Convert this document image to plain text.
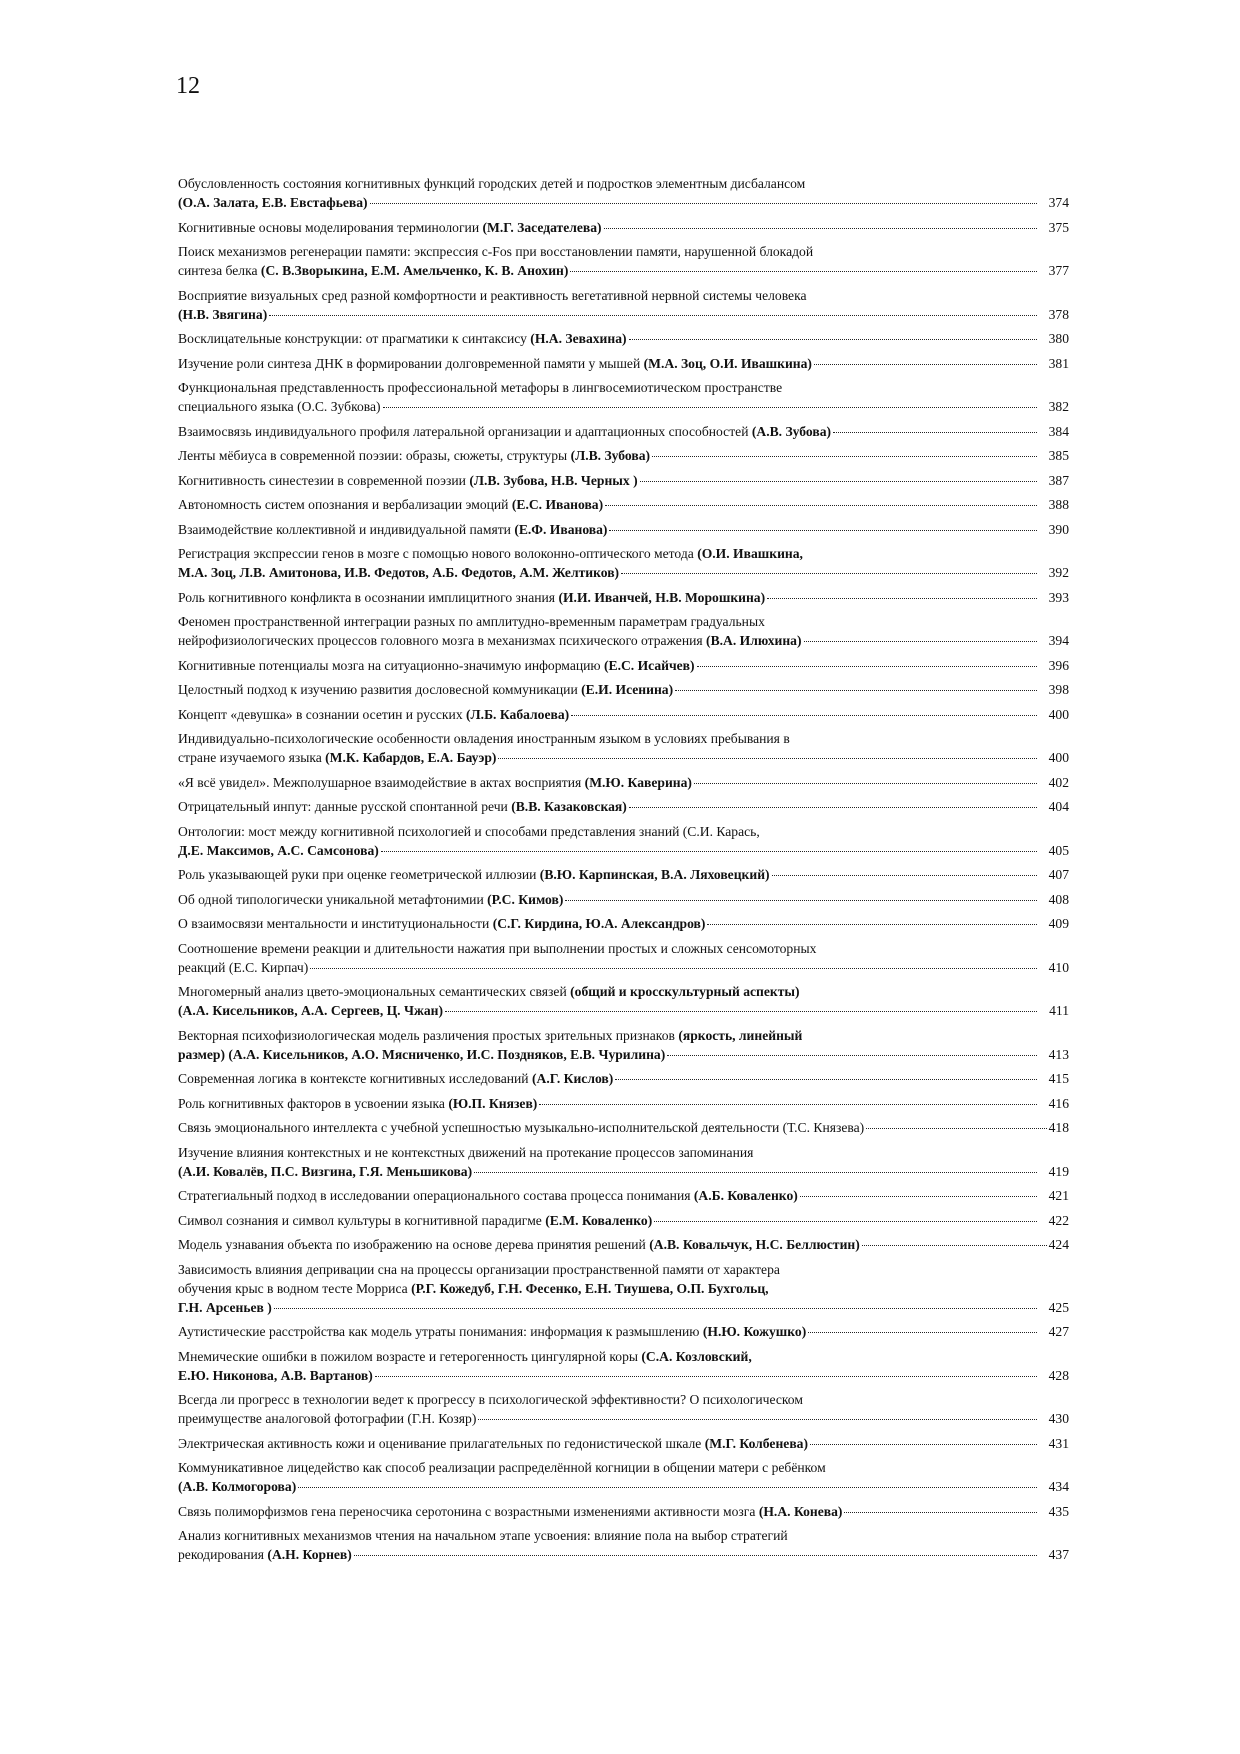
12
Обусловленность состояния когнитивных функций городских детей и подростков элементным дисбалансом
(О.А. Залата, Е.В. Евстафьева)	374
Когнитивные основы моделирования терминологии (М.Г. Заседателева)	375
Поиск механизмов регенерации памяти: экспрессия c-Fos при восстановлении памяти, нарушенной блокадой
синтеза белка (С. В.Зворыкина, Е.М. Амельченко, К. В. Анохин)	377
Восприятие визуальных сред разной комфортности и реактивность вегетативной нервной системы человека
(Н.В. Звягина)	378
Восклицательные конструкции: от прагматики к синтаксису (Н.А. Зевахина)	380
Изучение роли синтеза ДНК в формировании долговременной памяти у мышей (М.А. Зоц, О.И. Ивашкина)	381
Функциональная представленность профессиональной метафоры в лингвосемиотическом пространстве
специального языка (О.С. Зубкова)	382
Взаимосвязь индивидуального профиля латеральной организации и адаптационных способностей (А.В. Зубова)	384
Ленты мёбиуса в современной поэзии: образы, сюжеты, структуры (Л.В. Зубова)	385
Когнитивность синестезии в современной поэзии (Л.В. Зубова, Н.В. Черных )	387
Автономность систем опознания и вербализации эмоций (Е.С. Иванова)	388
Взаимодействие коллективной и индивидуальной памяти (Е.Ф. Иванова)	390
Регистрация экспрессии генов в мозге с помощью нового волоконно-оптического метода (О.И. Ивашкина,
М.А. Зоц, Л.В. Амитонова, И.В. Федотов, А.Б. Федотов, А.М. Желтиков)	392
Роль когнитивного конфликта в осознании имплицитного знания (И.И. Иванчей, Н.В. Морошкина)	393
Феномен пространственной интеграции разных по амплитудно-временным параметрам градуальных
нейрофизиологических процессов головного мозга в механизмах психического отражения (В.А. Илюхина)	394
Когнитивные потенциалы мозга на ситуационно-значимую информацию (Е.С. Исайчев)	396
Целостный подход к изучению развития дословесной коммуникации (Е.И. Исенина)	398
Концепт «девушка» в сознании осетин и русских (Л.Б. Кабалоева)	400
Индивидуально-психологические особенности овладения иностранным языком в условиях пребывания в
стране изучаемого языка (М.К. Кабардов, Е.А. Бауэр)	400
«Я всё увидел». Межполушарное взаимодействие в актах восприятия (М.Ю. Каверина)	402
Отрицательный инпут: данные русской спонтанной речи (В.В. Казаковская)	404
Онтологии: мост между когнитивной психологией и способами представления знаний (С.И. Карась,
Д.Е. Максимов, А.С. Самсонова)	405
Роль указывающей руки при оценке геометрической иллюзии (В.Ю. Карпинская, В.А. Ляховецкий)	407
Об одной типологически уникальной метафтонимии (Р.С. Кимов)	408
О взаимосвязи ментальности и институциональности (С.Г. Кирдина, Ю.А. Александров)	409
Соотношение времени реакции и длительности нажатия при выполнении простых и сложных сенсомоторных
реакций (Е.С. Кирпач)	410
Многомерный анализ цвето-эмоциональных семантических связей (общий и кросскультурный аспекты)
(А.А. Кисельников, А.А. Сергеев, Ц. Чжан)	411
Векторная психофизиологическая модель различения простых зрительных признаков (яркость, линейный
размер) (А.А. Кисельников, А.О. Мясниченко, И.С. Поздняков, Е.В. Чурилина)	413
Современная логика в контексте когнитивных исследований (А.Г. Кислов)	415
Роль когнитивных факторов в усвоении языка (Ю.П. Князев)	416
Связь эмоционального интеллекта с учебной успешностью музыкально-исполнительской деятельности (Т.С. Князева)	418
Изучение влияния контекстных и не контекстных движений на протекание процессов запоминания
(А.И. Ковалёв, П.С. Визгина, Г.Я. Меньшикова)	419
Стратегиальный подход в исследовании операционального состава процесса понимания (А.Б. Коваленко)	421
Символ сознания и символ культуры в когнитивной парадигме (Е.М. Коваленко)	422
Модель узнавания объекта по изображению на основе дерева принятия решений (А.В. Ковальчук, Н.С. Беллюстин)	424
Зависимость влияния депривации сна на процессы организации пространственной памяти от характера
обучения крыс в водном тесте Морриса (Р.Г. Кожедуб, Г.Н. Фесенко, Е.Н. Тиушева, О.П. Бухгольц,
Г.Н. Арсеньев )	425
Аутистические расстройства как модель утраты понимания: информация к размышлению (Н.Ю. Кожушко)	427
Мнемические ошибки в пожилом возрасте и гетерогенность цингулярной коры (С.А. Козловский,
Е.Ю. Никонова, А.В. Вартанов)	428
Всегда ли прогресс в технологии ведет к прогрессу в психологической эффективности? О психологическом
преимуществе аналоговой фотографии (Г.Н. Козяр)	430
Электрическая активность кожи и оценивание прилагательных по гедонистической шкале (М.Г. Колбенева)	431
Коммуникативное лицедейство как способ реализации распределённой когниции в общении матери с ребёнком
(А.В. Колмогорова)	434
Связь полиморфизмов гена переносчика серотонина с возрастными изменениями активности мозга (Н.А. Конева)	435
Анализ когнитивных механизмов чтения на начальном этапе усвоения: влияние пола на выбор стратегий
рекодирования (А.Н. Корнев)	437
